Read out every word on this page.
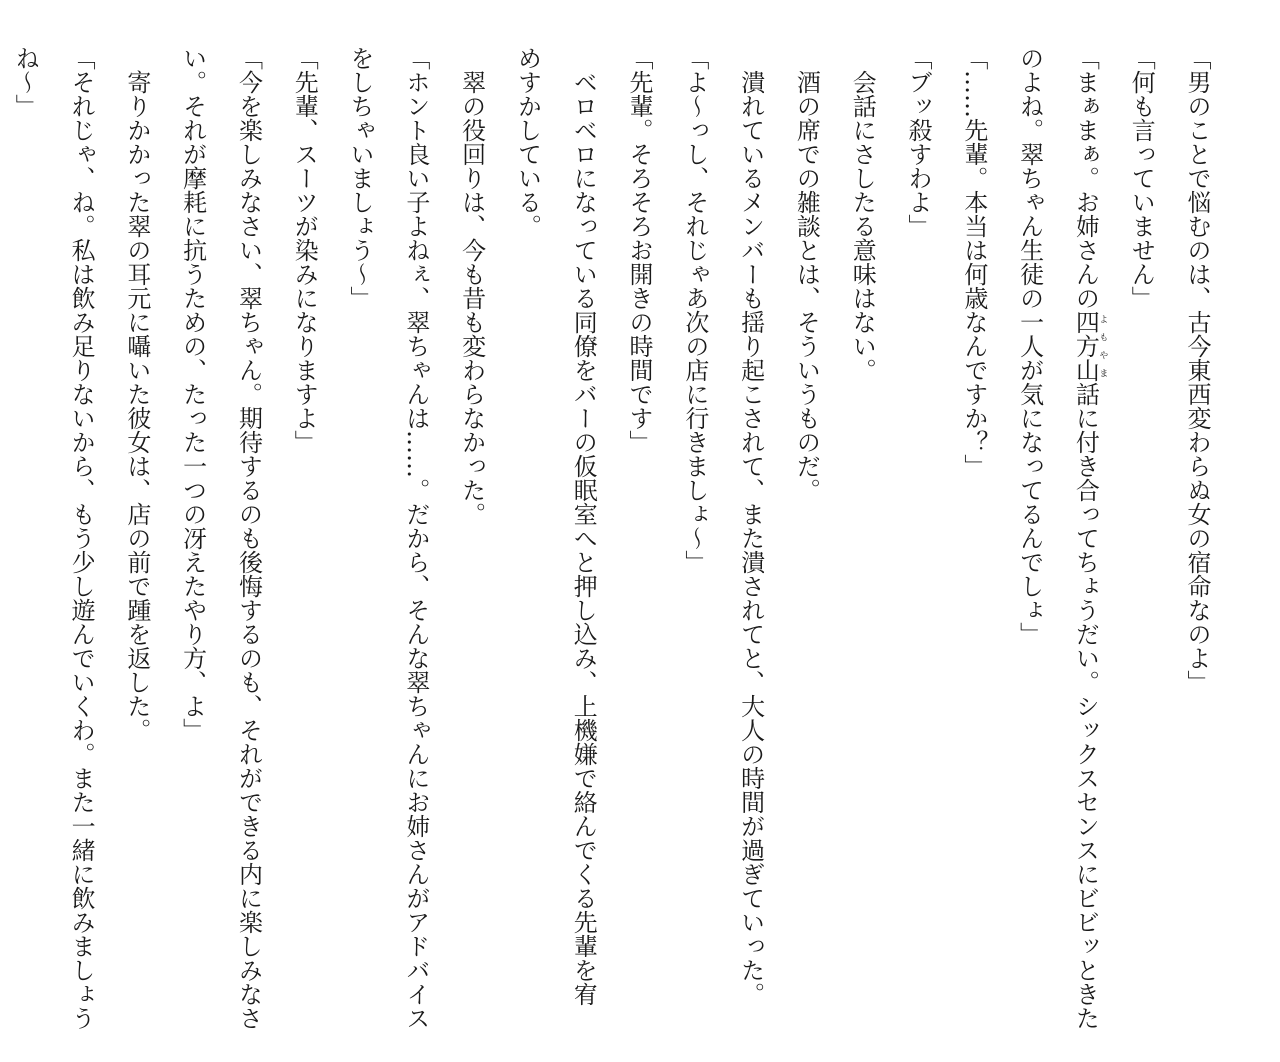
「男のことで悩むのは、古今東西変わらぬ女の宿命なのよ」
「何も言っていません」
「まぁまぁ。お姉さんの四方山よもやま話に付き合ってちょうだい。シックスセンスにビビッときた
のよね。翠ちゃん生徒の一人が気になってるんでしょ」
「……先輩。本当は何歳なんですか？」
「ブッ殺すわよ」
　会話にさしたる意味はない。
　酒の席での雑談とは、そういうものだ。
　潰れているメンバーも揺り起こされて、また潰されてと、大人の時間が過ぎていった。
「よ～っし、それじゃあ次の店に行きましょ～」
「先輩。そろそろお開きの時間です」
　ベロベロになっている同僚をバーの仮眠室へと押し込み、上機嫌で絡んでくる先輩を宥
めすかしている。
　翠の役回りは、今も昔も変わらなかった。
「ホント良い子よねぇ、翠ちゃんは……。だから、そんな翠ちゃんにお姉さんがアドバイス
をしちゃいましょう～」
「先輩、スーツが染みになりますよ」
「今を楽しみなさい、翠ちゃん。期待するのも後悔するのも、それができる内に楽しみなさ
い。それが摩耗に抗うための、たった一つの冴えたやり方、よ」
　寄りかかった翠の耳元に囁いた彼女は、店の前で踵を返した。
「それじゃ、ね。私は飲み足りないから、もう少し遊んでいくわ。また一緒に飲みましょう
ね～」
